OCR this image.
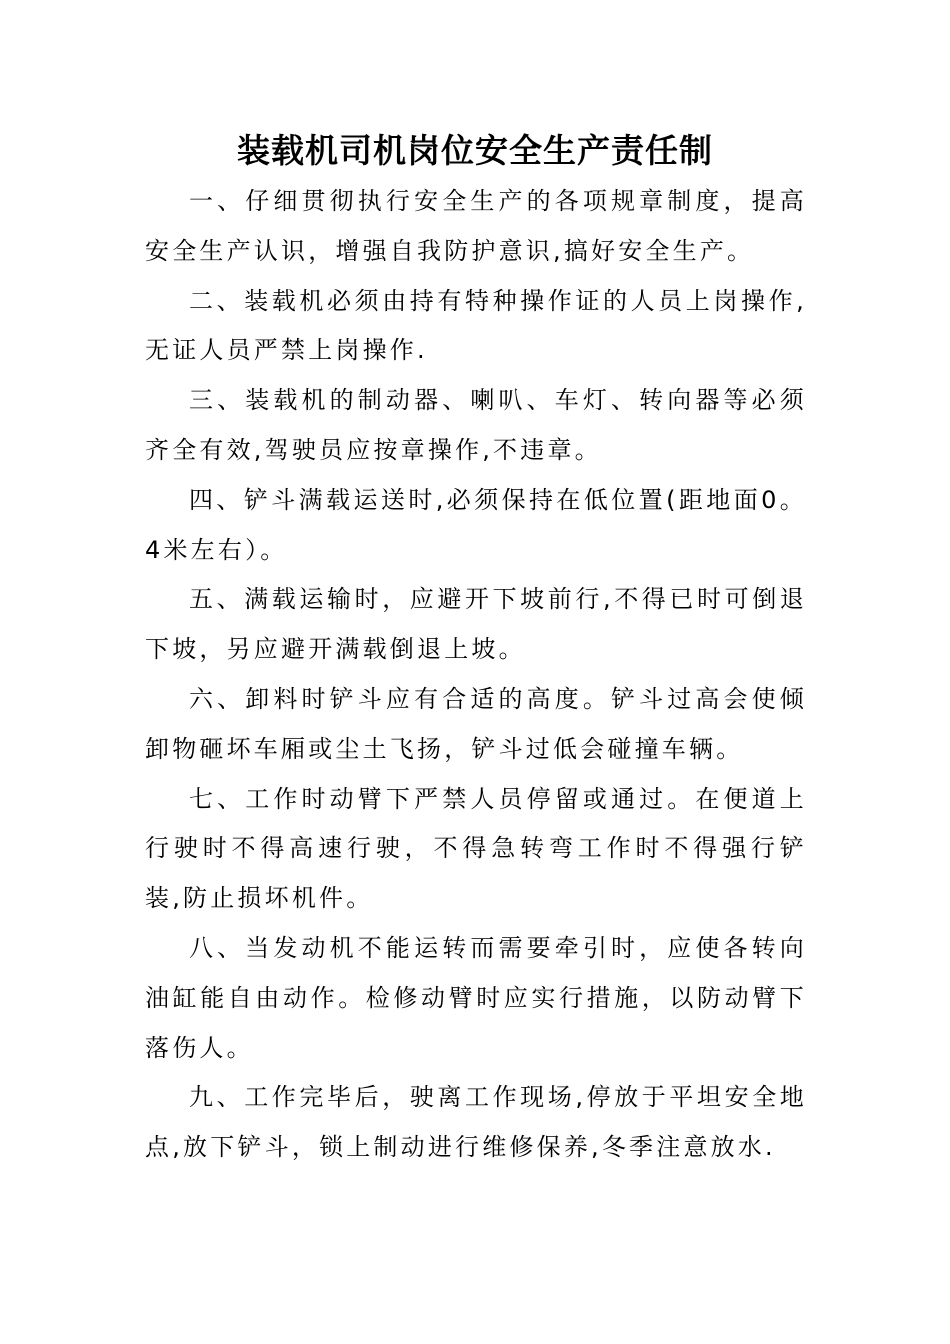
装载机司机岗位安全生产责任制

一、仔细贯彻执行安全生产的各项规章制度，提高安全生产认识，增强自我防护意识,搞好安全生产。

二、装载机必须由持有特种操作证的人员上岗操作,无证人员严禁上岗操作.

三、装载机的制动器、喇叭、车灯、转向器等必须齐全有效,驾驶员应按章操作,不违章。

四、铲斗满载运送时,必须保持在低位置(距地面0。4米左右）。

五、满载运输时，应避开下坡前行,不得已时可倒退下坡，另应避开满载倒退上坡。

六、卸料时铲斗应有合适的高度。铲斗过高会使倾卸物砸坏车厢或尘土飞扬，铲斗过低会碰撞车辆。

七、工作时动臂下严禁人员停留或通过。在便道上行驶时不得高速行驶，不得急转弯工作时不得强行铲装,防止损坏机件。

八、当发动机不能运转而需要牵引时，应使各转向油缸能自由动作。检修动臂时应实行措施，以防动臂下落伤人。

九、工作完毕后，驶离工作现场,停放于平坦安全地点,放下铲斗，锁上制动进行维修保养,冬季注意放水.
